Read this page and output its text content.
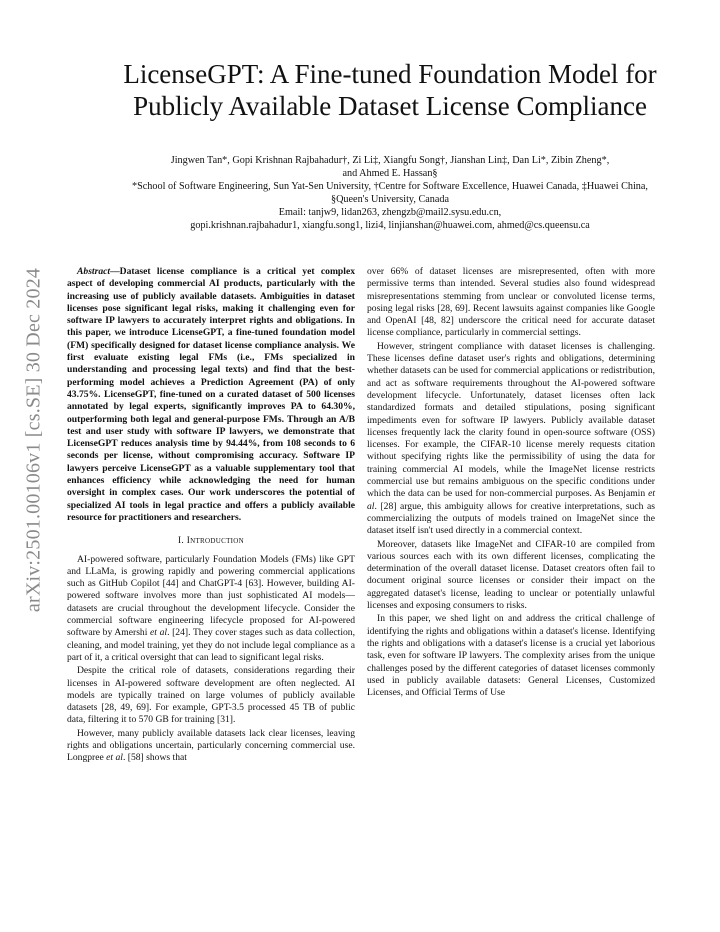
arXiv:2501.00106v1 [cs.SE] 30 Dec 2024
LicenseGPT: A Fine-tuned Foundation Model for
Publicly Available Dataset License Compliance
Jingwen Tan*, Gopi Krishnan Rajbahadur†, Zi Li‡, Xiangfu Song†, Jianshan Lin‡, Dan Li*, Zibin Zheng*,
and Ahmed E. Hassan§
*School of Software Engineering, Sun Yat-Sen University, †Centre for Software Excellence, Huawei Canada, ‡Huawei China,
§Queen's University, Canada
Email: tanjw9, lidan263, zhengzb@mail2.sysu.edu.cn,
gopi.krishnan.rajbahadur1, xiangfu.song1, lizi4, linjianshan@huawei.com, ahmed@cs.queensu.ca

Abstract—Dataset license compliance is a critical yet complex aspect of developing commercial AI products, particularly with the increasing use of publicly available datasets. Ambiguities in dataset licenses pose significant legal risks, making it challenging even for software IP lawyers to accurately interpret rights and obligations. In this paper, we introduce LicenseGPT, a fine-tuned foundation model (FM) specifically designed for dataset license compliance analysis. We first evaluate existing legal FMs (i.e., FMs specialized in understanding and processing legal texts) and find that the best-performing model achieves a Prediction Agreement (PA) of only 43.75%. LicenseGPT, fine-tuned on a curated dataset of 500 licenses annotated by legal experts, significantly improves PA to 64.30%, outperforming both legal and general-purpose FMs. Through an A/B test and user study with software IP lawyers, we demonstrate that LicenseGPT reduces analysis time by 94.44%, from 108 seconds to 6 seconds per license, without compromising accuracy. Software IP lawyers perceive LicenseGPT as a valuable supplementary tool that enhances efficiency while acknowledging the need for human oversight in complex cases. Our work underscores the potential of specialized AI tools in legal practice and offers a publicly available resource for practitioners and researchers.

I. Introduction

AI-powered software, particularly Foundation Models (FMs) like GPT and LLaMa, is growing rapidly and powering commercial applications such as GitHub Copilot [44] and ChatGPT-4 [63]. However, building AI-powered software involves more than just sophisticated AI models—datasets are crucial throughout the development lifecycle. Consider the commercial software engineering lifecycle proposed for AI-powered software by Amershi et al. [24]. They cover stages such as data collection, cleaning, and model training, yet they do not include legal compliance as a part of it, a critical oversight that can lead to significant legal risks.

Despite the critical role of datasets, considerations regarding their licenses in AI-powered software development are often neglected. AI models are typically trained on large volumes of publicly available datasets [28, 49, 69]. For example, GPT-3.5 processed 45 TB of public data, filtering it to 570 GB for training [31].

However, many publicly available datasets lack clear licenses, leaving rights and obligations uncertain, particularly concerning commercial use. Longpree et al. [58] shows that

over 66% of dataset licenses are misrepresented, often with more permissive terms than intended. Several studies also found widespread misrepresentations stemming from unclear or convoluted license terms, posing legal risks [28, 69]. Recent lawsuits against companies like Google and OpenAI [48, 82] underscore the critical need for accurate dataset license compliance, particularly in commercial settings.

However, stringent compliance with dataset licenses is challenging. These licenses define dataset user's rights and obligations, determining whether datasets can be used for commercial applications or redistribution, and act as software requirements throughout the AI-powered software development lifecycle. Unfortunately, dataset licenses often lack standardized formats and detailed stipulations, posing significant impediments even for software IP lawyers. Publicly available dataset licenses frequently lack the clarity found in open-source software (OSS) licenses. For example, the CIFAR-10 license merely requests citation without specifying rights like the permissibility of using the data for training commercial AI models, while the ImageNet license restricts commercial use but remains ambiguous on the specific conditions under which the data can be used for non-commercial purposes. As Benjamin et al. [28] argue, this ambiguity allows for creative interpretations, such as commercializing the outputs of models trained on ImageNet since the dataset itself isn't used directly in a commercial context.

Moreover, datasets like ImageNet and CIFAR-10 are compiled from various sources each with its own different licenses, complicating the determination of the overall dataset license. Dataset creators often fail to document original source licenses or consider their impact on the aggregated dataset's license, leading to unclear or potentially unlawful licenses and exposing consumers to risks.

In this paper, we shed light on and address the critical challenge of identifying the rights and obligations within a dataset's license. Identifying the rights and obligations with a dataset's license is a crucial yet laborious task, even for software IP lawyers. The complexity arises from the unique challenges posed by the different categories of dataset licenses commonly used in publicly available datasets: General Licenses, Customized Licenses, and Official Terms of Use
